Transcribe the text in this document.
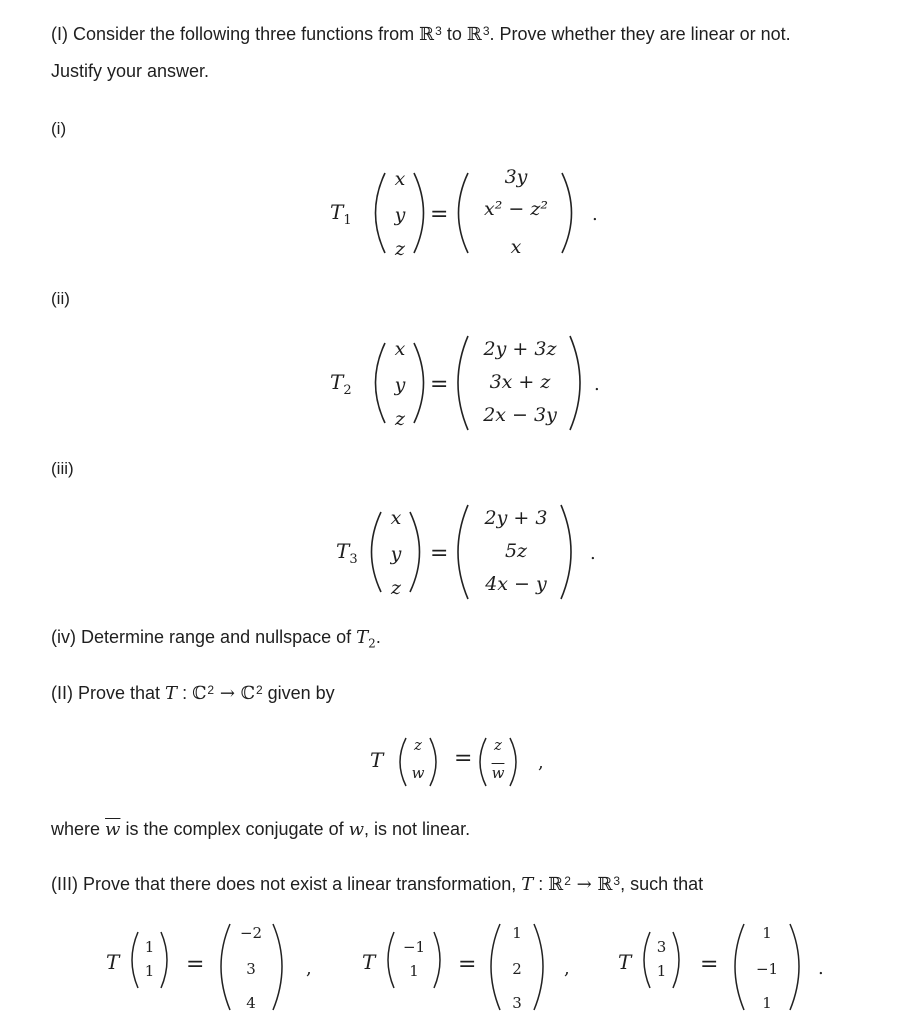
(I) Consider the following three functions from ℝ$^3$ to ℝ$^3$. Prove whether they are linear or not.
Justify your answer.
(i)
$T_1$
x
y
z
=
3y
x² − z²
x
.
(ii)
$T_2$
x
y
z
=
2y + 3z
3x + z
2x − 3y
.
(iii)
$T_3$
x
y
z
=
2y + 3
5z
4x − y
.
(iv) Determine range and nullspace of $T_2$.
(II) Prove that T : ℂ$^2$ → ℂ$^2$ given by
T
z
w
=
z
$\overline{w}$	,
where $\overline{w}$ is the complex conjugate of w, is not linear.
(III) Prove that there does not exist a linear transformation, T : ℝ$^2$ → ℝ$^3$, such that
T
1
1	=
−2
3
4
,	T
−1
1	=
1
2
3
, T
3
1	=
1
−1
1
.
